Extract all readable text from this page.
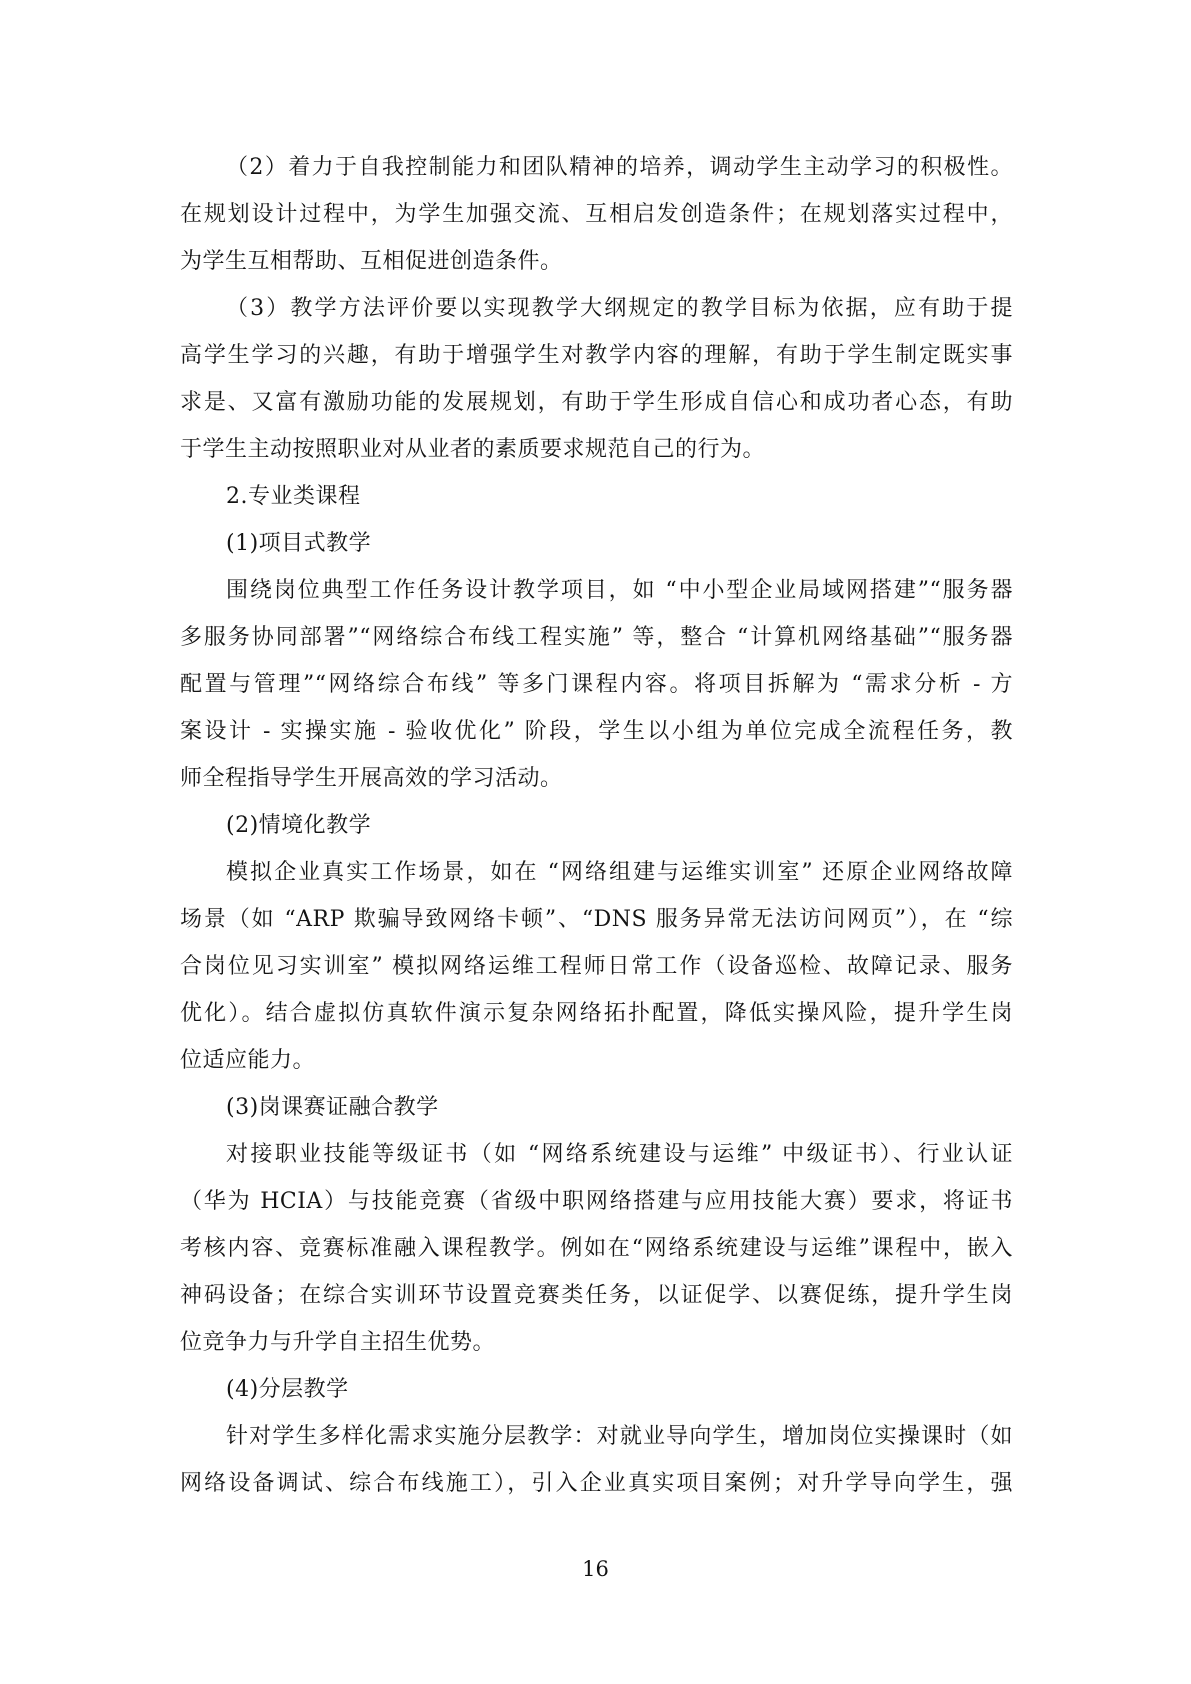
（2）着力于自我控制能力和团队精神的培养，调动学生主动学习的积极性。
在规划设计过程中，为学生加强交流、互相启发创造条件；在规划落实过程中，
为学生互相帮助、互相促进创造条件。
（3）教学方法评价要以实现教学大纲规定的教学目标为依据，应有助于提
高学生学习的兴趣，有助于增强学生对教学内容的理解，有助于学生制定既实事
求是、又富有激励功能的发展规划，有助于学生形成自信心和成功者心态，有助
于学生主动按照职业对从业者的素质要求规范自己的行为。
2.专业类课程
(1)项目式教学
围绕岗位典型工作任务设计教学项目，如 “中小型企业局域网搭建”“服务器
多服务协同部署”“网络综合布线工程实施” 等，整合 “计算机网络基础”“服务器
配置与管理”“网络综合布线” 等多门课程内容。将项目拆解为 “需求分析 - 方
案设计 - 实操实施 - 验收优化” 阶段，学生以小组为单位完成全流程任务，教
师全程指导学生开展高效的学习活动。
(2)情境化教学
模拟企业真实工作场景，如在 “网络组建与运维实训室” 还原企业网络故障
场景（如 “ARP 欺骗导致网络卡顿”、“DNS 服务异常无法访问网页”），在 “综
合岗位见习实训室” 模拟网络运维工程师日常工作（设备巡检、故障记录、服务
优化）。结合虚拟仿真软件演示复杂网络拓扑配置，降低实操风险，提升学生岗
位适应能力。
(3)岗课赛证融合教学
对接职业技能等级证书（如 “网络系统建设与运维” 中级证书）、行业认证
（华为 HCIA）与技能竞赛（省级中职网络搭建与应用技能大赛）要求，将证书
考核内容、竞赛标准融入课程教学。例如在“网络系统建设与运维”课程中，嵌入
神码设备；在综合实训环节设置竞赛类任务，以证促学、以赛促练，提升学生岗
位竞争力与升学自主招生优势。
(4)分层教学
针对学生多样化需求实施分层教学：对就业导向学生，增加岗位实操课时（如
网络设备调试、综合布线施工），引入企业真实项目案例；对升学导向学生，强
16
